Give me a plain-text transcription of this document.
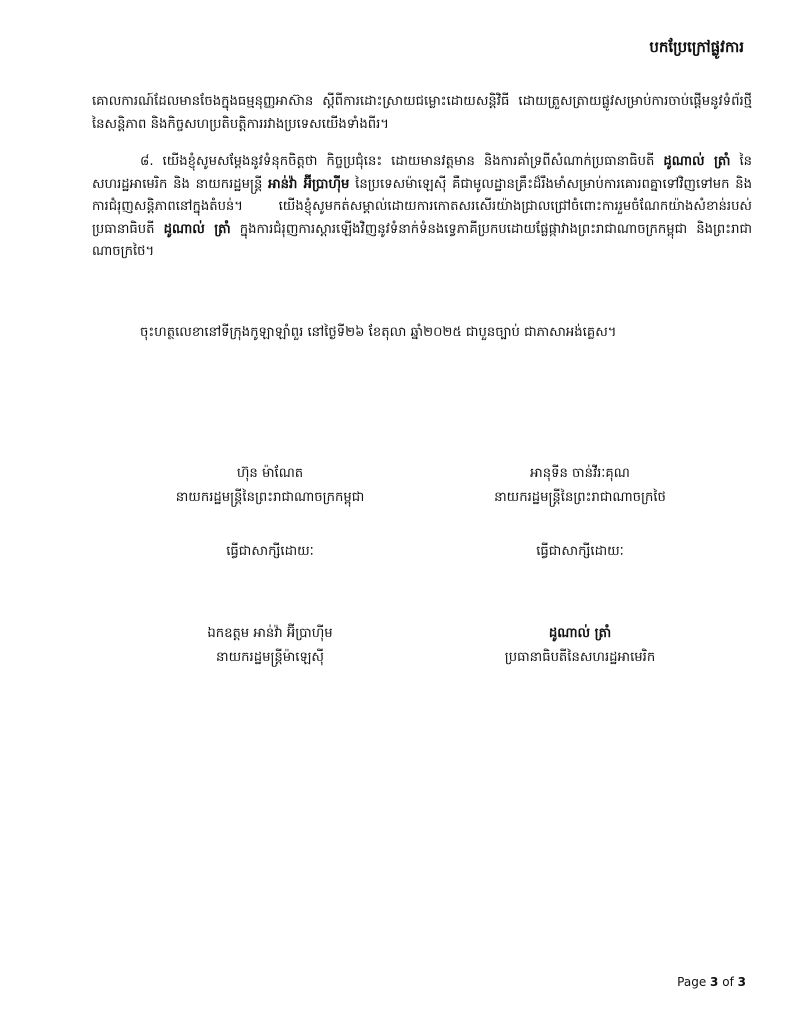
បកប្រែក្រៅផ្លូវការ
គោលការណ៍ដែលមានចែងក្នុងធម្មនុញ្ញអាស៊ាន ស្តីពីការដោះស្រាយជម្លោះដោយសន្តិវិធី ដោយត្រួសត្រាយផ្លូវសម្រាប់ការចាប់ផ្តើមនូវទំព័រថ្មីនៃសន្តិភាព និងកិច្ចសហប្រតិបត្តិការរវាងប្រទេសយើងទាំងពីរ។
៨. យើងខ្ញុំសូមសម្តែងនូវទំនុកចិត្តថា កិច្ចប្រជុំនេះ ដោយមានវត្តមាន និងការគាំទ្រពីសំណាក់ប្រធានាធិបតី ដូណាល់ ត្រាំ នៃសហរដ្ឋអាមេរិក និង នាយករដ្ឋមន្ត្រី អាន់វ៉ា អ៊ីប្រាហ៊ីម នៃប្រទេសម៉ាឡេស៊ី គឺជាមូលដ្ឋានគ្រឹះដ៏រឹងមាំសម្រាប់ការគោរពគ្នាទៅវិញទៅមក និងការជំរុញសន្តិភាពនៅក្នុងតំបន់។ យើងខ្ញុំសូមកត់សម្គាល់ដោយការកោតសរសើរយ៉ាងជ្រាលជ្រៅចំពោះការរួមចំណែកយ៉ាងសំខាន់របស់ប្រធានាធិបតី ដូណាល់ ត្រាំ ក្នុងការជំរុញការស្តារឡើងវិញនូវទំនាក់ទំនងទ្វេភាគីប្រកបដោយផ្លែផ្កាវាងព្រះរាជាណាចក្រកម្ពុជា និងព្រះរាជាណាចក្រថៃ។
ចុះហត្ថលេខានៅទីក្រុងកូឡាឡាំពួរ នៅថ្ងៃទី២៦ ខែតុលា ឆ្នាំ២០២៥ ជាបួនច្បាប់ ជាភាសាអង់គ្លេស។
ហ៊ុន ម៉ាណែត
នាយករដ្ឋមន្ត្រីនៃព្រះរាជាណាចក្រកម្ពុជា
អានុទីន ចាន់វីរៈគុណ
នាយករដ្ឋមន្ត្រីនៃព្រះរាជាណាចក្រថៃ
ធ្វើជាសាក្សីដោយៈ	ធ្វើជាសាក្សីដោយៈ
ឯកឧត្តម អាន់វ៉ា អ៊ីប្រាហ៊ីម
នាយករដ្ឋមន្ត្រីម៉ាឡេស៊ី
ដូណាល់ ត្រាំ
ប្រធានាធិបតីនៃសហរដ្ឋអាមេរិក
Page 3 of 3
